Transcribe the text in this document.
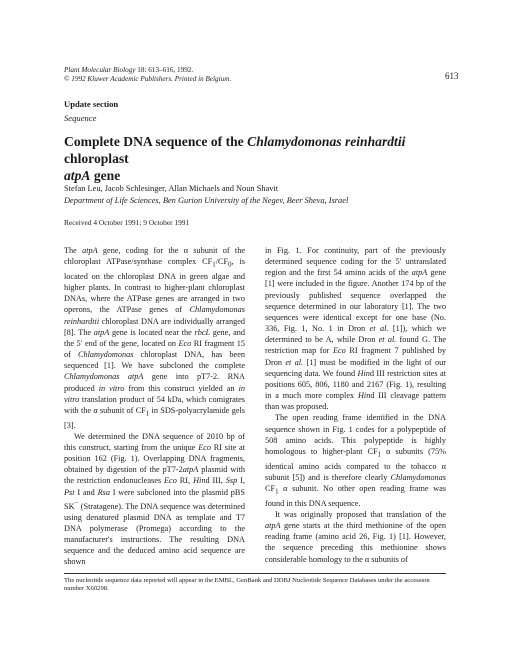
Plant Molecular Biology 18: 613–616, 1992.
© 1992 Kluwer Academic Publishers. Printed in Belgium.	613
Update section
Sequence
Complete DNA sequence of the Chlamydomonas reinhardtii chloroplast
atpA gene
Stefan Leu, Jacob Schlesinger, Allan Michaels and Noun Shavit
Department of Life Sciences, Ben Gurion University of the Negev, Beer Sheva, Israel
Received 4 October 1991; 9 October 1991

The atpA gene, coding for the α subunit of the chloroplast ATPase/synthase complex $CF_1/CF_0$, is located on the chloroplast DNA in green algae and higher plants. In contrast to higher-plant chloroplast DNAs, where the ATPase genes are arranged in two operons, the ATPase genes of Chlamydomonas reinhardtii chloroplast DNA are individually arranged [8]. The atpA gene is located near the rbcL gene, and the 5′ end of the gene, located on Eco RI fragment 15 of Chlamydomonas chloroplast DNA, has been sequenced [1]. We have subcloned the complete Chlamydomonas atpA gene into pT7-2. RNA produced in vitro from this construct yielded an in vitro translation product of 54 kDa, which comigrates with the α subunit of $CF_1$ in SDS-polyacrylamide gels [3].

We determined the DNA sequence of 2010 bp of this construct, starting from the unique Eco RI site at position 162 (Fig. 1). Overlapping DNA fragments, obtained by digestion of the pT7-2atpA plasmid with the restriction endonucleases Eco RI, Hind III, Ssp I, Pst I and Rsa I were subcloned into the plasmid pBS SK− (Stratagene). The DNA sequence was determined using denatured plasmid DNA as template and T7 DNA polymerase (Promega) according to the manufacturer's instructions. The resulting DNA sequence and the deduced amino acid sequence are shown

in Fig. 1. For continuity, part of the previously determined sequence coding for the 5′ untranslated region and the first 54 amino acids of the atpA gene [1] were included in the figure. Another 174 bp of the previously published sequence overlapped the sequence determined in our laboratory [1]. The two sequences were identical except for one base (No. 336, Fig. 1, No. 1 in Dron et al. [1]), which we determined to be A, while Dron et al. found G. The restriction map for Eco RI fragment 7 published by Dron et al. [1] must be modified in the light of our sequencing data. We found Hind III restriction sites at positions 605, 806, 1180 and 2167 (Fig. 1), resulting in a much more complex Hind III cleavage pattern than was proposed.

The open reading frame identified in the DNA sequence shown in Fig. 1 codes for a polypeptide of 508 amino acids. This polypeptide is highly homologous to higher-plant $CF_1$ α subunits (75% identical amino acids compared to the tobacco α subunit [5]) and is therefore clearly Chlamydomonas $CF_1$ α subunit. No other open reading frame was found in this DNA sequence.

It was originally proposed that translation of the atpA gene starts at the third methionine of the open reading frame (amino acid 26, Fig. 1) [1]. However, the sequence preceding this methionine shows considerable homology to the α subunits of

The nucleotide sequence data reported will appear in the EMBL, GenBank and DDBJ Nucleotide Sequence Databases under the accession number X60298.
